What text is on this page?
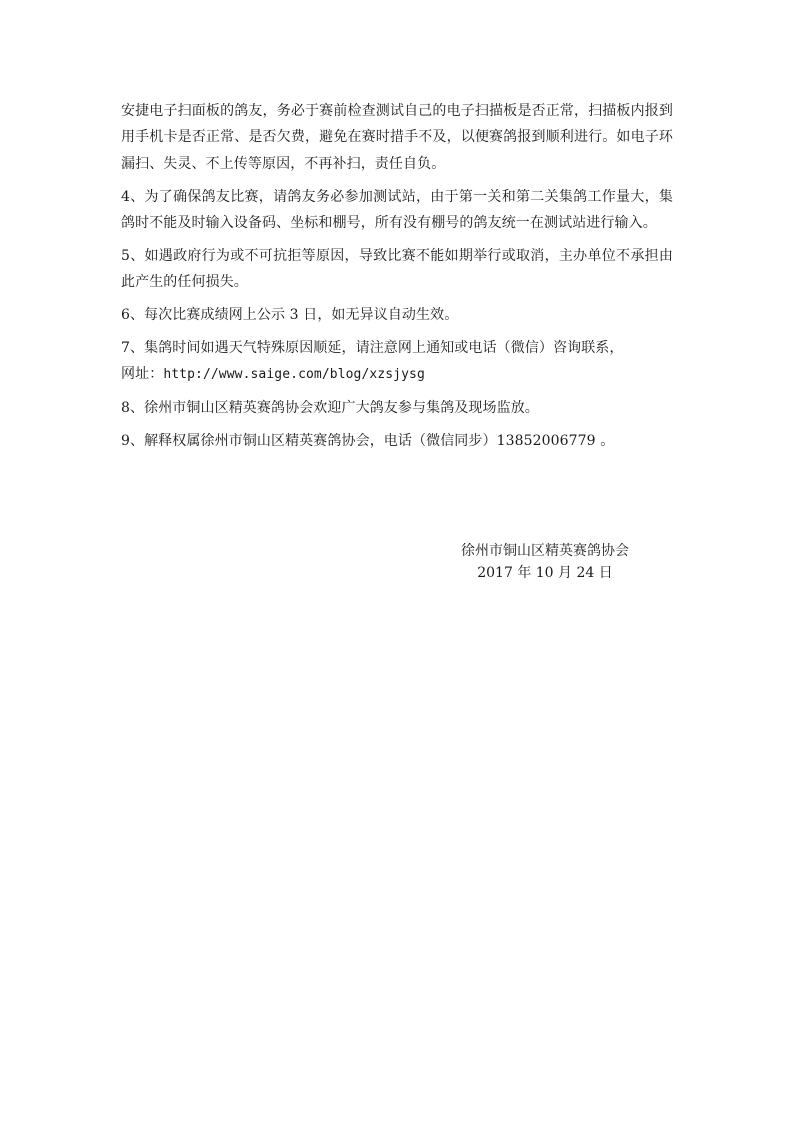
安捷电子扫面板的鸽友，务必于赛前检查测试自己的电子扫描板是否正常，扫描板内报到用手机卡是否正常、是否欠费，避免在赛时措手不及，以便赛鸽报到顺利进行。如电子环漏扫、失灵、不上传等原因，不再补扫，责任自负。

4、为了确保鸽友比赛，请鸽友务必参加测试站，由于第一关和第二关集鸽工作量大，集鸽时不能及时输入设备码、坐标和棚号，所有没有棚号的鸽友统一在测试站进行输入。

5、如遇政府行为或不可抗拒等原因，导致比赛不能如期举行或取消，主办单位不承担由此产生的任何损失。

6、每次比赛成绩网上公示 3 日，如无异议自动生效。

7、集鸽时间如遇天气特殊原因顺延，请注意网上通知或电话（微信）咨询联系，
网址：http://www.saige.com/blog/xzsjysg

8、徐州市铜山区精英赛鸽协会欢迎广大鸽友参与集鸽及现场监放。

9、解释权属徐州市铜山区精英赛鸽协会，电话（微信同步）13852006779 。

徐州市铜山区精英赛鸽协会
2017 年 10 月 24 日
